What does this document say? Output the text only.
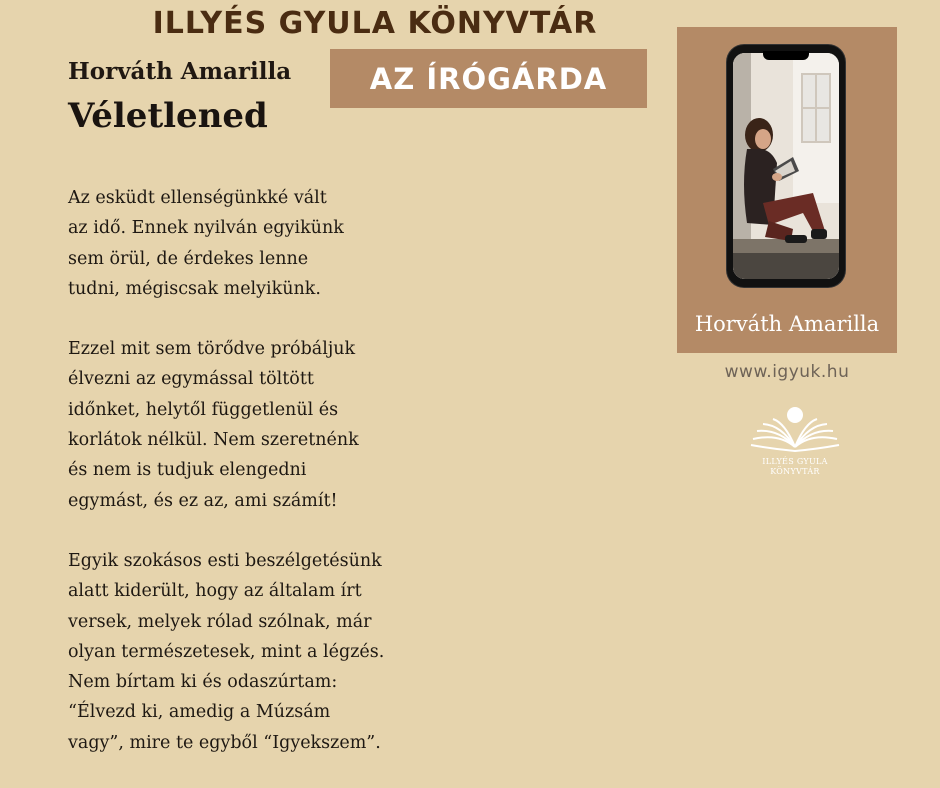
ILLYÉS GYULA KÖNYVTÁR
Horváth Amarilla
Véletlened
AZ ÍRÓGÁRDA
Az esküdt ellenségünkké vált
az idő. Ennek nyilván egyikünk
sem örül, de érdekes lenne
tudni, mégiscsak melyikünk.
Ezzel mit sem törődve próbáljuk
élvezni az egymással töltött
időnket, helytől függetlenül és
korlátok nélkül. Nem szeretnénk
és nem is tudjuk elengedni
egymást, és ez az, ami számít!
Egyik szokásos esti beszélgetésünk
alatt kiderült, hogy az általam írt
versek, melyek rólad szólnak, már
olyan természetesek, mint a légzés.
Nem bírtam ki és odaszúrtam:
“Élvezd ki, amedig a Múzsám
vagy”, mire te egyből “Igyekszem”.
Horváth Amarilla
www.igyuk.hu
ILLYÉS GYULA
KÖNYVTÁR
